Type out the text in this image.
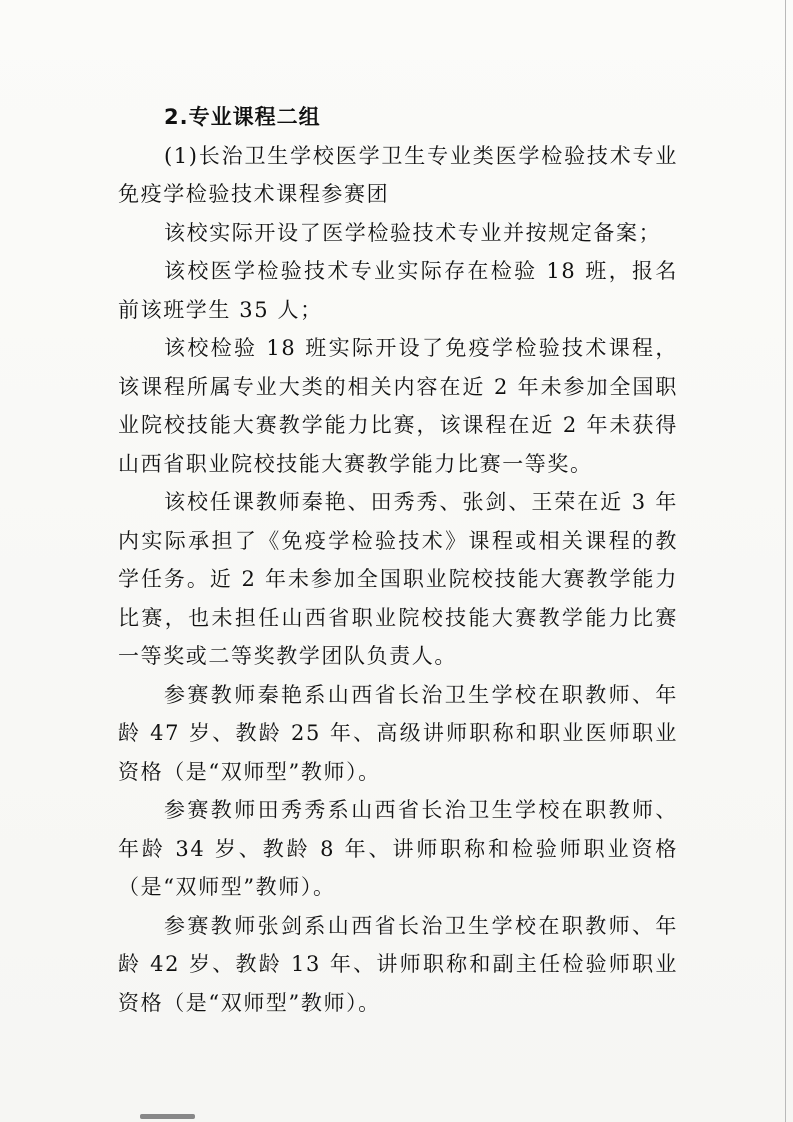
2.专业课程二组

(1)长治卫生学校医学卫生专业类医学检验技术专业免疫学检验技术课程参赛团

该校实际开设了医学检验技术专业并按规定备案；

该校医学检验技术专业实际存在检验 18 班，报名前该班学生 35 人；

该校检验 18 班实际开设了免疫学检验技术课程，该课程所属专业大类的相关内容在近 2 年未参加全国职业院校技能大赛教学能力比赛，该课程在近 2 年未获得山西省职业院校技能大赛教学能力比赛一等奖。

该校任课教师秦艳、田秀秀、张剑、王荣在近 3 年内实际承担了《免疫学检验技术》课程或相关课程的教学任务。近 2 年未参加全国职业院校技能大赛教学能力比赛，也未担任山西省职业院校技能大赛教学能力比赛一等奖或二等奖教学团队负责人。

参赛教师秦艳系山西省长治卫生学校在职教师、年龄 47 岁、教龄 25 年、高级讲师职称和职业医师职业资格（是“双师型”教师）。

参赛教师田秀秀系山西省长治卫生学校在职教师、年龄 34 岁、教龄 8 年、讲师职称和检验师职业资格（是“双师型”教师）。

参赛教师张剑系山西省长治卫生学校在职教师、年龄 42 岁、教龄 13 年、讲师职称和副主任检验师职业资格（是“双师型”教师）。
